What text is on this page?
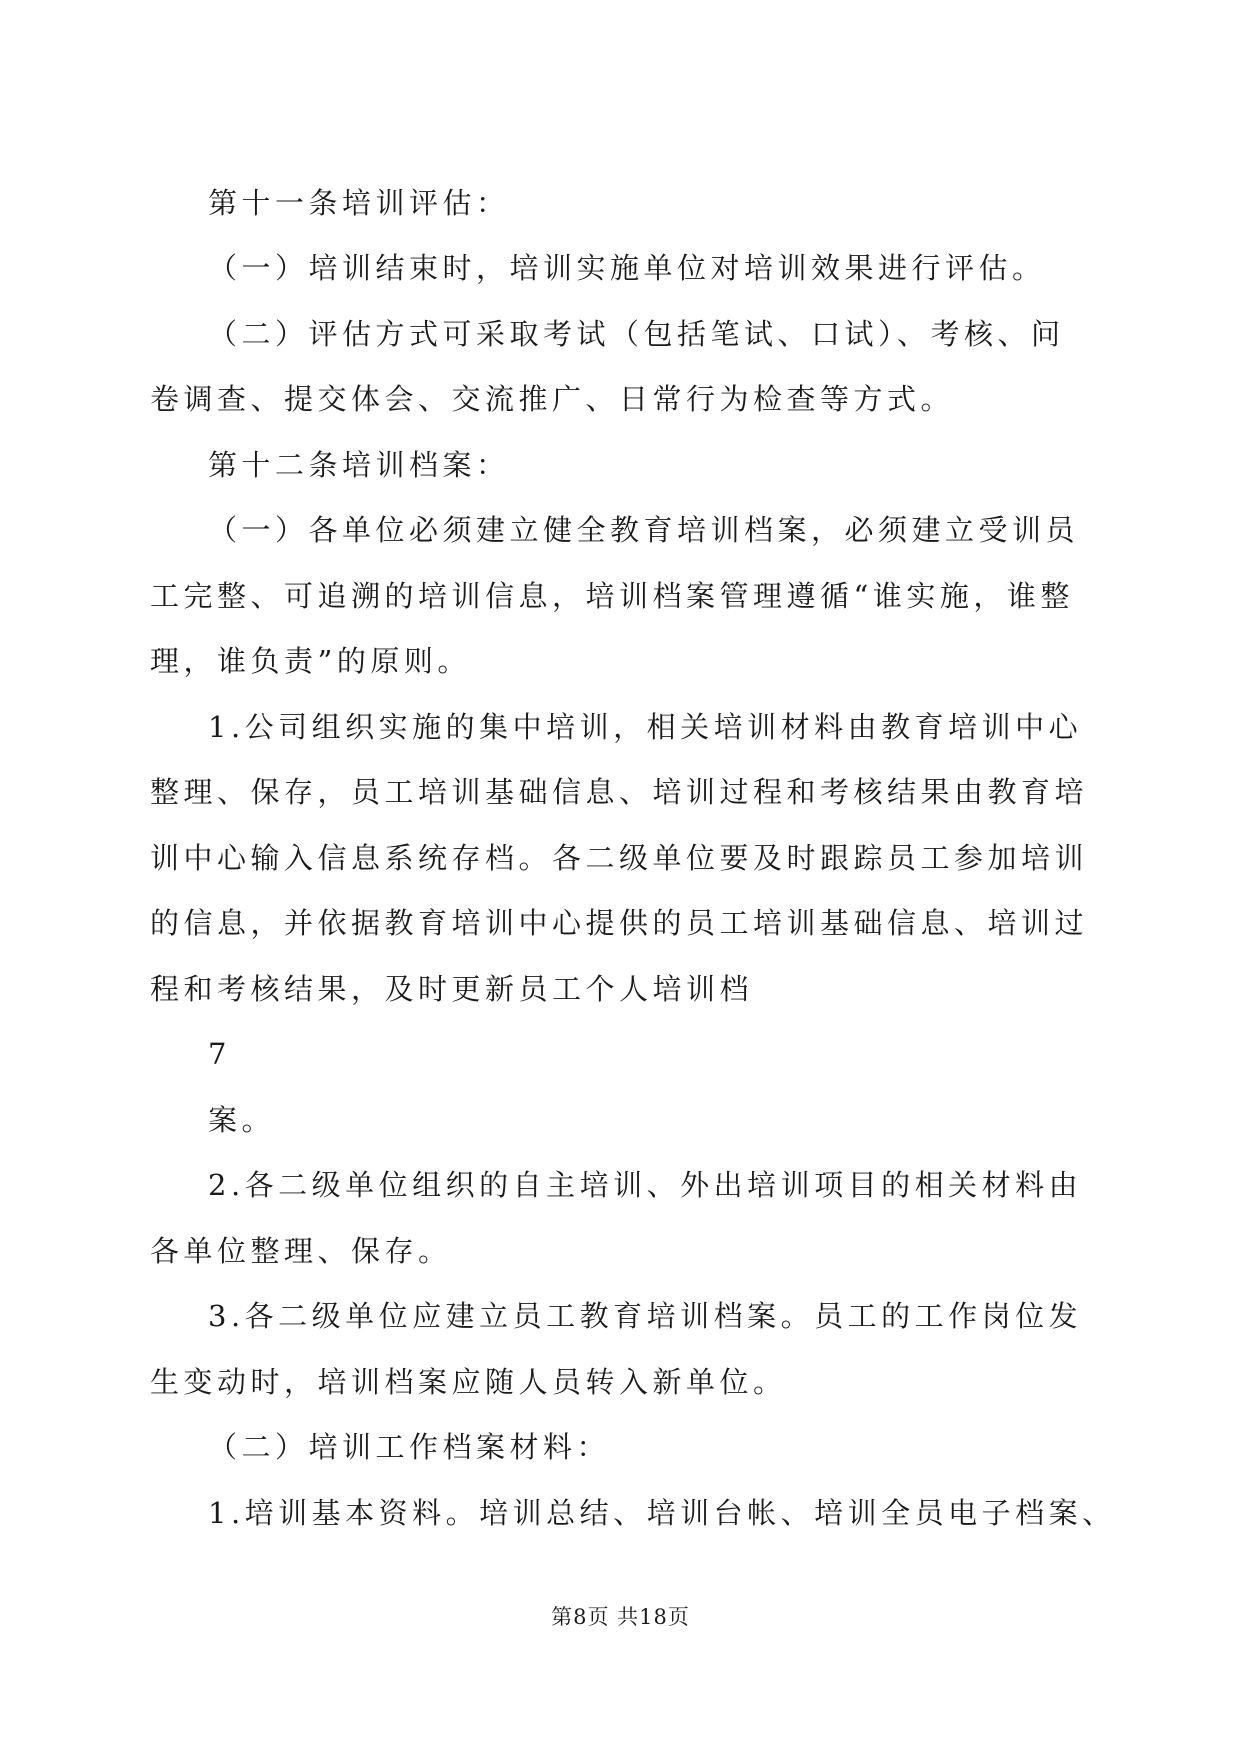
第十一条培训评估：

（一）培训结束时，培训实施单位对培训效果进行评估。

（二）评估方式可采取考试（包括笔试、口试）、考核、问

卷调查、提交体会、交流推广、日常行为检查等方式。

第十二条培训档案：

（一）各单位必须建立健全教育培训档案，必须建立受训员

工完整、可追溯的培训信息，培训档案管理遵循“谁实施，谁整

理，谁负责”的原则。

1.公司组织实施的集中培训，相关培训材料由教育培训中心

整理、保存，员工培训基础信息、培训过程和考核结果由教育培

训中心输入信息系统存档。各二级单位要及时跟踪员工参加培训

的信息，并依据教育培训中心提供的员工培训基础信息、培训过

程和考核结果，及时更新员工个人培训档

7

案。

2.各二级单位组织的自主培训、外出培训项目的相关材料由

各单位整理、保存。

3.各二级单位应建立员工教育培训档案。员工的工作岗位发

生变动时，培训档案应随人员转入新单位。

（二）培训工作档案材料：

1.培训基本资料。培训总结、培训台帐、培训全员电子档案、

第8页 共18页
